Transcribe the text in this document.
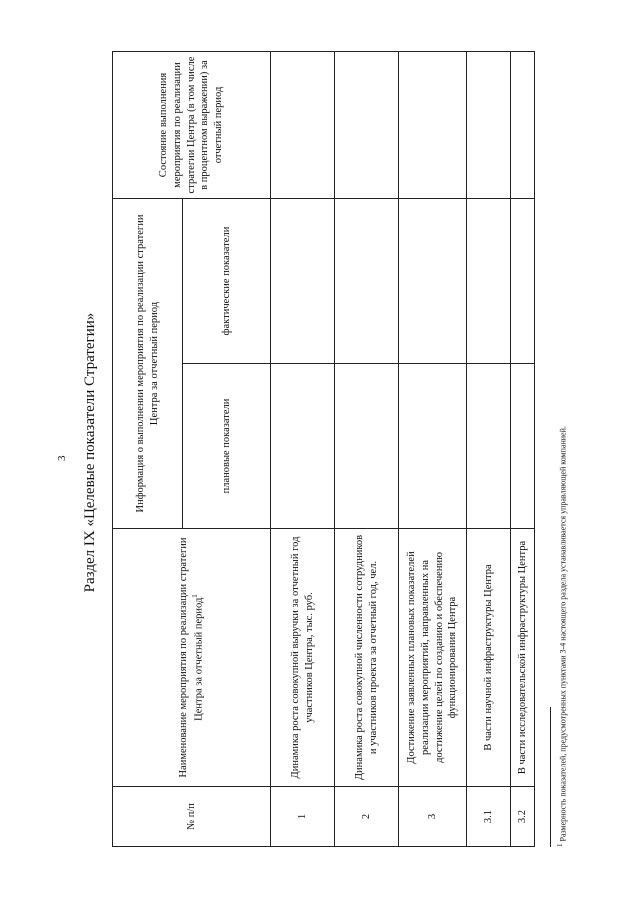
3 Раздел IX «Целевые показатели Стратегии»
№ п/п	Наименование мероприятия по реализации стратегии Центра за отчетный период$^1$	Информация о выполнении мероприятия по реализации стратегии Центра за отчетный период		Состояние выполнения мероприятия по реализации стратегии Центра (в том числе в процентном выражении) за отчетный период
		плановые показатели	фактические показатели	
1	Динамика роста совокупной выручки за отчетный год участников Центра, тыс. руб.			
2	Динамика роста совокупной численности сотрудников и участников проекта за отчетный год, чел.			
3	Достижение заявленных плановых показателей реализации мероприятий, направленных на достижение целей по созданию и обеспечению функционирования Центра			
3.1	В части научной инфраструктуры Центра			
3.2	В части исследовательской инфраструктуры Центра			
$^1$ Размерность показателей, предусмотренных пунктами 3-4 настоящего раздела устанавливается управляющей компанией.
